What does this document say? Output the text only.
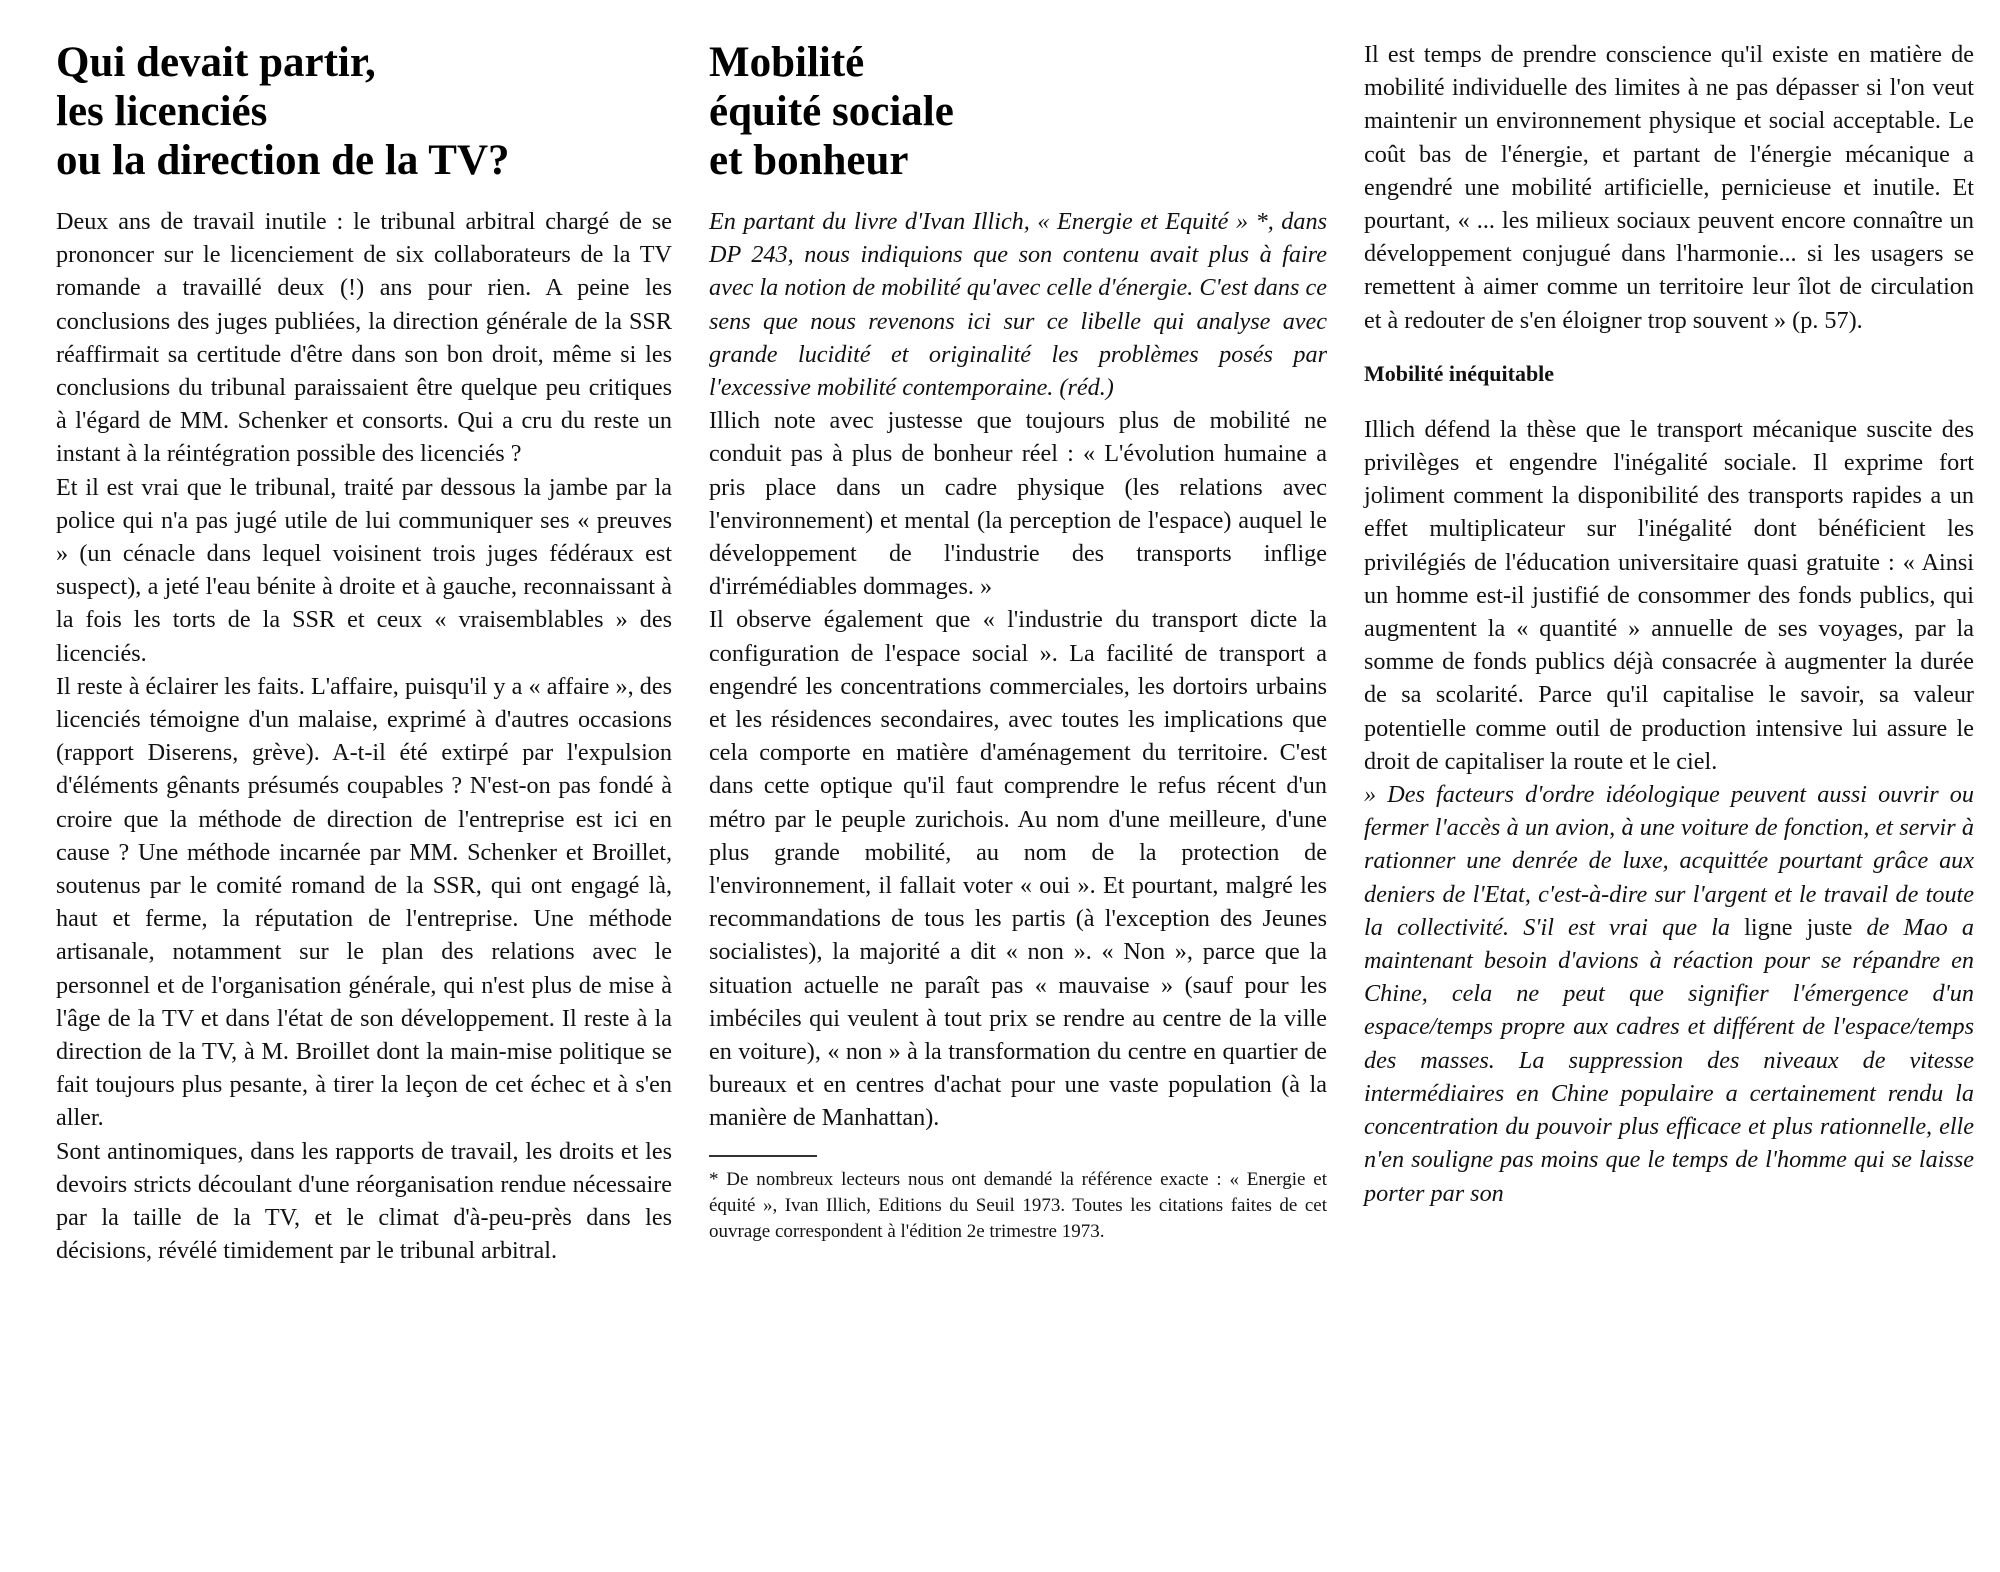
Qui devait partir,
les licenciés
ou la direction de la TV?

Deux ans de travail inutile : le tribunal arbitral chargé de se prononcer sur le licenciement de six collaborateurs de la TV romande a travaillé deux (!) ans pour rien. A peine les conclusions des juges publiées, la direction générale de la SSR réaffirmait sa certitude d'être dans son bon droit, même si les conclusions du tribunal paraissaient être quelque peu critiques à l'égard de MM. Schenker et consorts. Qui a cru du reste un instant à la réintégration possible des licenciés ?

Et il est vrai que le tribunal, traité par dessous la jambe par la police qui n'a pas jugé utile de lui communiquer ses « preuves » (un cénacle dans lequel voisinent trois juges fédéraux est suspect), a jeté l'eau bénite à droite et à gauche, reconnaissant à la fois les torts de la SSR et ceux « vraisemblables » des licenciés.

Il reste à éclairer les faits. L'affaire, puisqu'il y a « affaire », des licenciés témoigne d'un malaise, exprimé à d'autres occasions (rapport Diserens, grève). A-t-il été extirpé par l'expulsion d'éléments gênants présumés coupables ? N'est-on pas fondé à croire que la méthode de direction de l'entreprise est ici en cause ? Une méthode incarnée par MM. Schenker et Broillet, soutenus par le comité romand de la SSR, qui ont engagé là, haut et ferme, la réputation de l'entreprise. Une méthode artisanale, notamment sur le plan des relations avec le personnel et de l'organisation générale, qui n'est plus de mise à l'âge de la TV et dans l'état de son développement. Il reste à la direction de la TV, à M. Broillet dont la main-mise politique se fait toujours plus pesante, à tirer la leçon de cet échec et à s'en aller.

Sont antinomiques, dans les rapports de travail, les droits et les devoirs stricts découlant d'une réorganisation rendue nécessaire par la taille de la TV, et le climat d'à-peu-près dans les décisions, révélé timidement par le tribunal arbitral.

Mobilité
équité sociale
et bonheur

En partant du livre d'Ivan Illich, « Energie et Equité » *, dans DP 243, nous indiquions que son contenu avait plus à faire avec la notion de mobilité qu'avec celle d'énergie. C'est dans ce sens que nous revenons ici sur ce libelle qui analyse avec grande lucidité et originalité les problèmes posés par l'excessive mobilité contemporaine. (réd.)

Illich note avec justesse que toujours plus de mobilité ne conduit pas à plus de bonheur réel : « L'évolution humaine a pris place dans un cadre physique (les relations avec l'environnement) et mental (la perception de l'espace) auquel le développement de l'industrie des transports inflige d'irrémédiables dommages. »

Il observe également que « l'industrie du transport dicte la configuration de l'espace social ». La facilité de transport a engendré les concentrations commerciales, les dortoirs urbains et les résidences secondaires, avec toutes les implications que cela comporte en matière d'aménagement du territoire. C'est dans cette optique qu'il faut comprendre le refus récent d'un métro par le peuple zurichois. Au nom d'une meilleure, d'une plus grande mobilité, au nom de la protection de l'environnement, il fallait voter « oui ». Et pourtant, malgré les recommandations de tous les partis (à l'exception des Jeunes socialistes), la majorité a dit « non ». « Non », parce que la situation actuelle ne paraît pas « mauvaise » (sauf pour les imbéciles qui veulent à tout prix se rendre au centre de la ville en voiture), « non » à la transformation du centre en quartier de bureaux et en centres d'achat pour une vaste population (à la manière de Manhattan).

* De nombreux lecteurs nous ont demandé la référence exacte : « Energie et équité », Ivan Illich, Editions du Seuil 1973. Toutes les citations faites de cet ouvrage correspondent à l'édition 2e trimestre 1973.

Il est temps de prendre conscience qu'il existe en matière de mobilité individuelle des limites à ne pas dépasser si l'on veut maintenir un environnement physique et social acceptable. Le coût bas de l'énergie, et partant de l'énergie mécanique a engendré une mobilité artificielle, pernicieuse et inutile. Et pourtant, « ... les milieux sociaux peuvent encore connaître un développement conjugué dans l'harmonie... si les usagers se remettent à aimer comme un territoire leur îlot de circulation et à redouter de s'en éloigner trop souvent » (p. 57).

Mobilité inéquitable

Illich défend la thèse que le transport mécanique suscite des privilèges et engendre l'inégalité sociale. Il exprime fort joliment comment la disponibilité des transports rapides a un effet multiplicateur sur l'inégalité dont bénéficient les privilégiés de l'éducation universitaire quasi gratuite : « Ainsi un homme est-il justifié de consommer des fonds publics, qui augmentent la « quantité » annuelle de ses voyages, par la somme de fonds publics déjà consacrée à augmenter la durée de sa scolarité. Parce qu'il capitalise le savoir, sa valeur potentielle comme outil de production intensive lui assure le droit de capitaliser la route et le ciel.

» Des facteurs d'ordre idéologique peuvent aussi ouvrir ou fermer l'accès à un avion, à une voiture de fonction, et servir à rationner une denrée de luxe, acquittée pourtant grâce aux deniers de l'Etat, c'est-à-dire sur l'argent et le travail de toute la collectivité. S'il est vrai que la ligne juste de Mao a maintenant besoin d'avions à réaction pour se répandre en Chine, cela ne peut que signifier l'émergence d'un espace/temps propre aux cadres et différent de l'espace/temps des masses. La suppression des niveaux de vitesse intermédiaires en Chine populaire a certainement rendu la concentration du pouvoir plus efficace et plus rationnelle, elle n'en souligne pas moins que le temps de l'homme qui se laisse porter par son
